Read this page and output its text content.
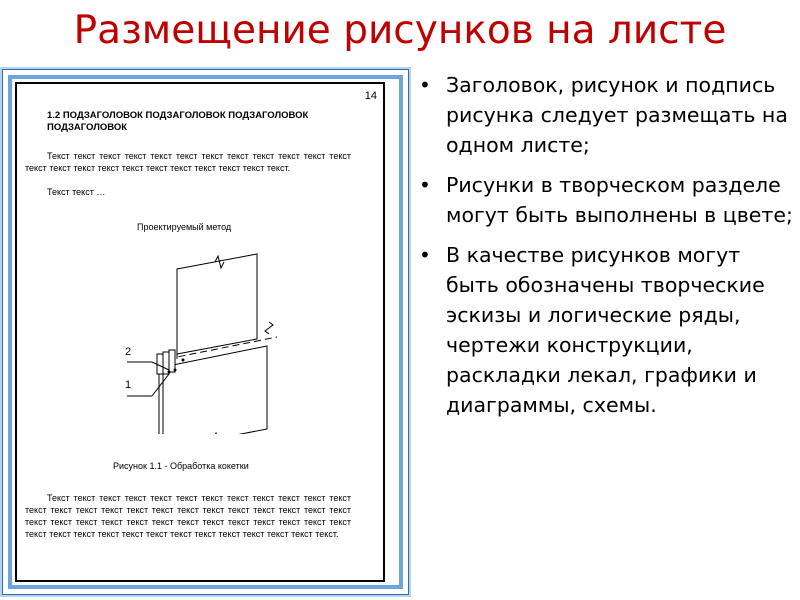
Размещение рисунков на листе
14
1.2 ПОДЗАГОЛОВОК ПОДЗАГОЛОВОК ПОДЗАГОЛОВОК ПОДЗАГОЛОВОК
Текст текст текст текст текст текст текст текст текст текст текст текст текст текст текст текст текст текст текст текст текст текст текст.
Текст текст …
Проектируемый метод
2
1
Рисунок 1.1 - Обработка кокетки
Текст текст текст текст текст текст текст текст текст текст текст текст текст текст текст текст текст текст текст текст текст текст текст текст текст текст текст текст текст текст текст текст текст текст текст текст текст текст текст текст текст текст текст текст текст текст текст текст текст текст текст.
• Заголовок, рисунок и подпись рисунка следует размещать на одном листе;
• Рисунки в творческом разделе могут быть выполнены в цвете;
• В качестве рисунков могут быть обозначены творческие эскизы и логические ряды, чертежи конструкции, раскладки лекал, графики и диаграммы, схемы.
